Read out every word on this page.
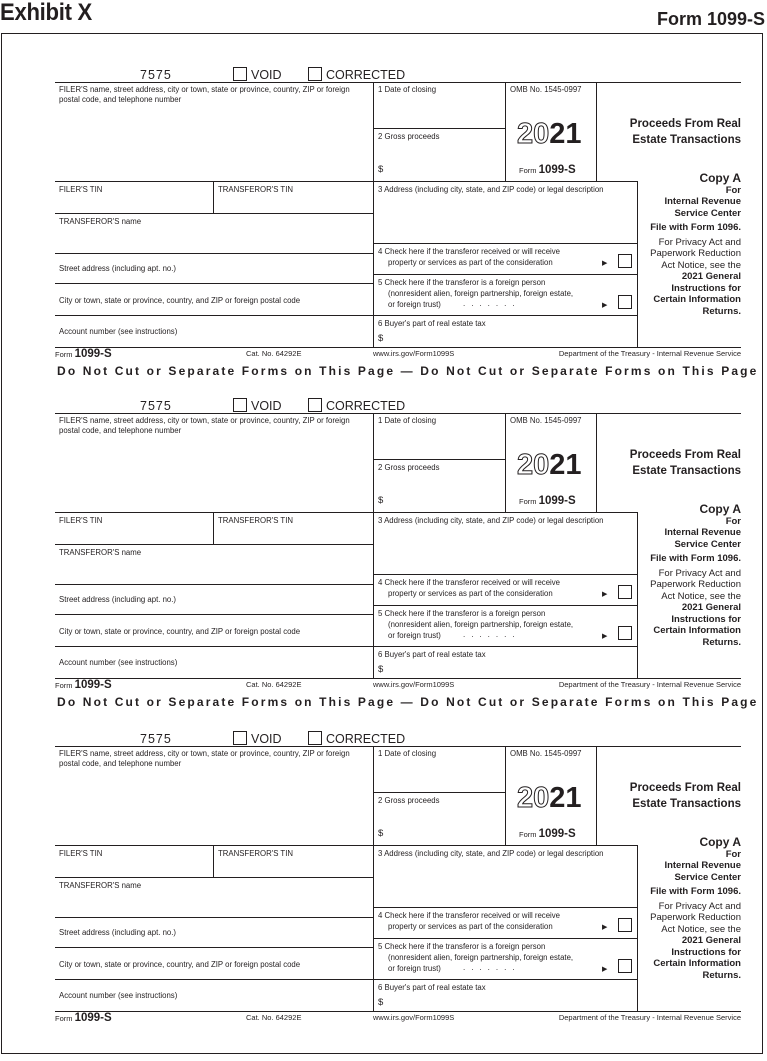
Exhibit X	Form 1099-S
7575	VOID	CORRECTED
FILER'S name, street address, city or town, state or province, country, ZIP or foreign postal code, and telephone number
1 Date of closing	OMB No. 1545-0997
2 Gross proceeds
$
2021
Form 1099-S
Proceeds From Real Estate Transactions
FILER'S TIN	TRANSFEROR'S TIN	3 Address (including city, state, and ZIP code) or legal description
TRANSFEROR'S name
Street address (including apt. no.)
City or town, state or province, country, and ZIP or foreign postal code
Account number (see instructions)
4 Check here if the transferor received or will receive
property or services as part of the consideration	▶
5 Check here if the transferor is a foreign person
(nonresident alien, foreign partnership, foreign estate,
or foreign trust)	.......	▶
6 Buyer's part of real estate tax
$
Copy A
For
Internal Revenue Service Center
File with Form 1096.
For Privacy Act and Paperwork Reduction Act Notice, see the
2021 General Instructions for Certain Information Returns.
Form 1099-S	Cat. No. 64292E	www.irs.gov/Form1099S	Department of the Treasury - Internal Revenue Service
Do Not Cut or Separate Forms on This Page — Do Not Cut or Separate Forms on This Page
7575	VOID	CORRECTED
FILER'S name, street address, city or town, state or province, country, ZIP or foreign postal code, and telephone number
1 Date of closing	OMB No. 1545-0997
2 Gross proceeds
$
2021
Form 1099-S
Proceeds From Real Estate Transactions
FILER'S TIN	TRANSFEROR'S TIN	3 Address (including city, state, and ZIP code) or legal description
TRANSFEROR'S name
Street address (including apt. no.)
City or town, state or province, country, and ZIP or foreign postal code
Account number (see instructions)
4 Check here if the transferor received or will receive
property or services as part of the consideration	▶
5 Check here if the transferor is a foreign person
(nonresident alien, foreign partnership, foreign estate,
or foreign trust)	.......	▶
6 Buyer's part of real estate tax
$
Copy A
For
Internal Revenue Service Center
File with Form 1096.
For Privacy Act and Paperwork Reduction Act Notice, see the
2021 General Instructions for Certain Information Returns.
Form 1099-S	Cat. No. 64292E	www.irs.gov/Form1099S	Department of the Treasury - Internal Revenue Service
Do Not Cut or Separate Forms on This Page — Do Not Cut or Separate Forms on This Page
7575	VOID	CORRECTED
FILER'S name, street address, city or town, state or province, country, ZIP or foreign postal code, and telephone number
1 Date of closing	OMB No. 1545-0997
2 Gross proceeds
$
2021
Form 1099-S
Proceeds From Real Estate Transactions
FILER'S TIN	TRANSFEROR'S TIN	3 Address (including city, state, and ZIP code) or legal description
TRANSFEROR'S name
Street address (including apt. no.)
City or town, state or province, country, and ZIP or foreign postal code
Account number (see instructions)
4 Check here if the transferor received or will receive
property or services as part of the consideration	▶
5 Check here if the transferor is a foreign person
(nonresident alien, foreign partnership, foreign estate,
or foreign trust)	.......	▶
6 Buyer's part of real estate tax
$
Copy A
For
Internal Revenue Service Center
File with Form 1096.
For Privacy Act and Paperwork Reduction Act Notice, see the
2021 General Instructions for Certain Information Returns.
Form 1099-S	Cat. No. 64292E	www.irs.gov/Form1099S	Department of the Treasury - Internal Revenue Service
